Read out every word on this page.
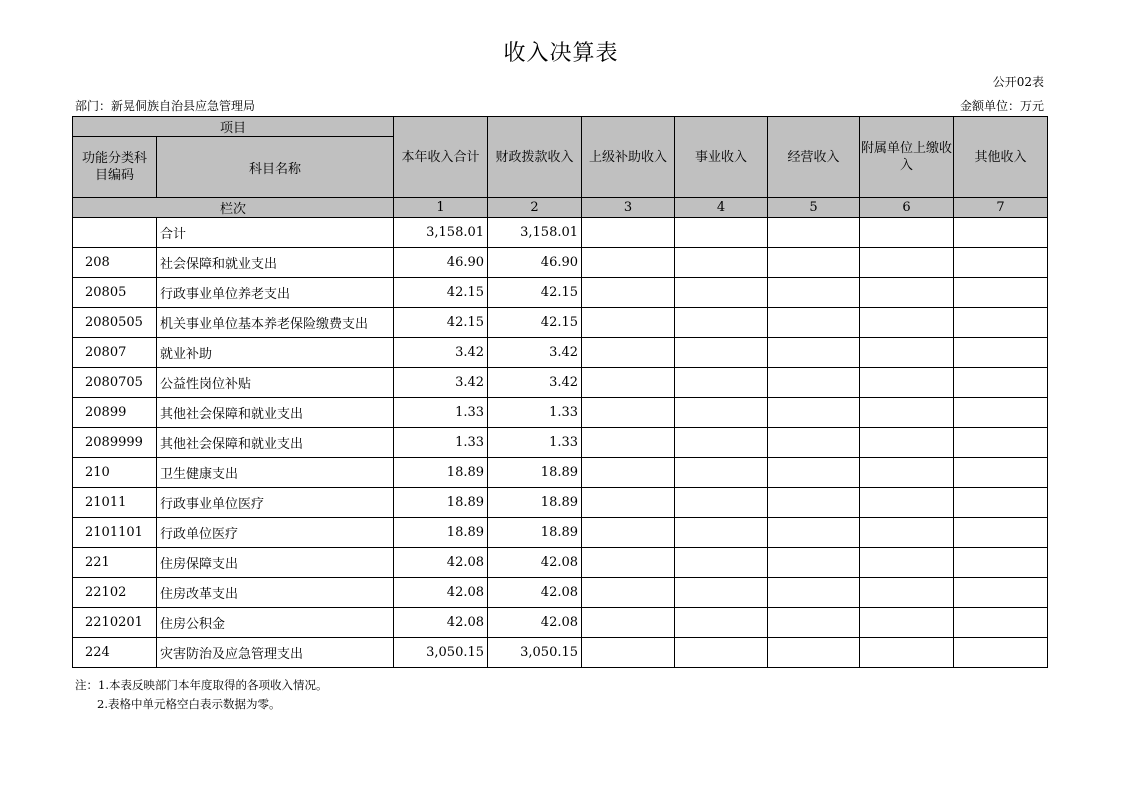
收入决算表
公开02表
部门：新晃侗族自治县应急管理局	金额单位：万元
项目		本年收入合计	财政拨款收入	上级补助收入	事业收入	经营收入	附属单位上缴收入	其他收入
功能分类科目编码	科目名称							
栏次		1	2	3	4	5	6	7
	合计	3,158.01	3,158.01					
208	社会保障和就业支出	46.90	46.90					
20805	行政事业单位养老支出	42.15	42.15					
2080505	机关事业单位基本养老保险缴费支出	42.15	42.15					
20807	就业补助	3.42	3.42					
2080705	公益性岗位补贴	3.42	3.42					
20899	其他社会保障和就业支出	1.33	1.33					
2089999	其他社会保障和就业支出	1.33	1.33					
210	卫生健康支出	18.89	18.89					
21011	行政事业单位医疗	18.89	18.89					
2101101	行政单位医疗	18.89	18.89					
221	住房保障支出	42.08	42.08					
22102	住房改革支出	42.08	42.08					
2210201	住房公积金	42.08	42.08					
224	灾害防治及应急管理支出	3,050.15	3,050.15					
注：1.本表反映部门本年度取得的各项收入情况。
2.表格中单元格空白表示数据为零。
